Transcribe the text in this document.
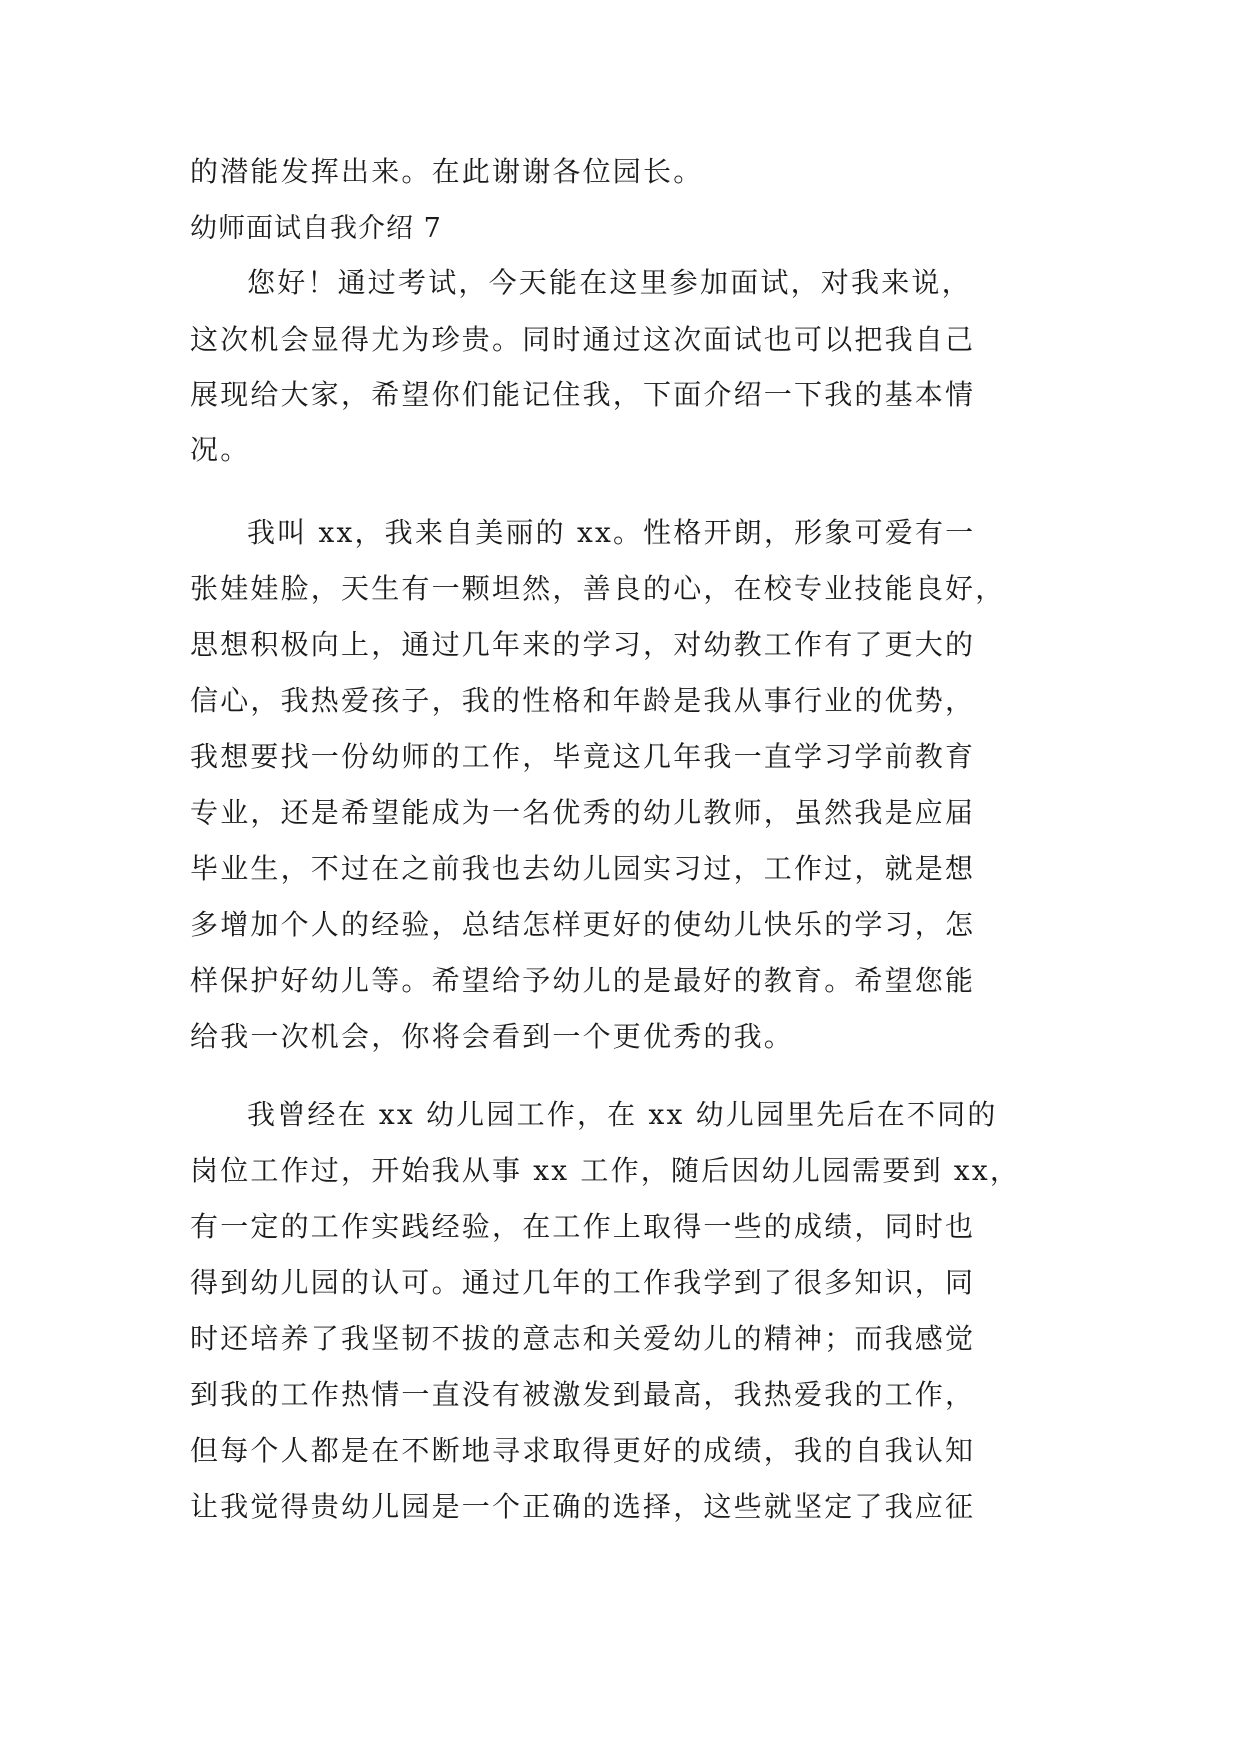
的潜能发挥出来。在此谢谢各位园长。
幼师面试自我介绍 7
您好！通过考试，今天能在这里参加面试，对我来说，
这次机会显得尤为珍贵。同时通过这次面试也可以把我自己
展现给大家，希望你们能记住我，下面介绍一下我的基本情
况。
我叫 xx，我来自美丽的 xx。性格开朗，形象可爱有一
张娃娃脸，天生有一颗坦然，善良的心，在校专业技能良好，
思想积极向上，通过几年来的学习，对幼教工作有了更大的
信心，我热爱孩子，我的性格和年龄是我从事行业的优势，
我想要找一份幼师的工作，毕竟这几年我一直学习学前教育
专业，还是希望能成为一名优秀的幼儿教师，虽然我是应届
毕业生，不过在之前我也去幼儿园实习过，工作过，就是想
多增加个人的经验，总结怎样更好的使幼儿快乐的学习，怎
样保护好幼儿等。希望给予幼儿的是最好的教育。希望您能
给我一次机会，你将会看到一个更优秀的我。
我曾经在 xx 幼儿园工作，在 xx 幼儿园里先后在不同的
岗位工作过，开始我从事 xx 工作，随后因幼儿园需要到 xx，
有一定的工作实践经验，在工作上取得一些的成绩，同时也
得到幼儿园的认可。通过几年的工作我学到了很多知识，同
时还培养了我坚韧不拔的意志和关爱幼儿的精神；而我感觉
到我的工作热情一直没有被激发到最高，我热爱我的工作，
但每个人都是在不断地寻求取得更好的成绩，我的自我认知
让我觉得贵幼儿园是一个正确的选择，这些就坚定了我应征
